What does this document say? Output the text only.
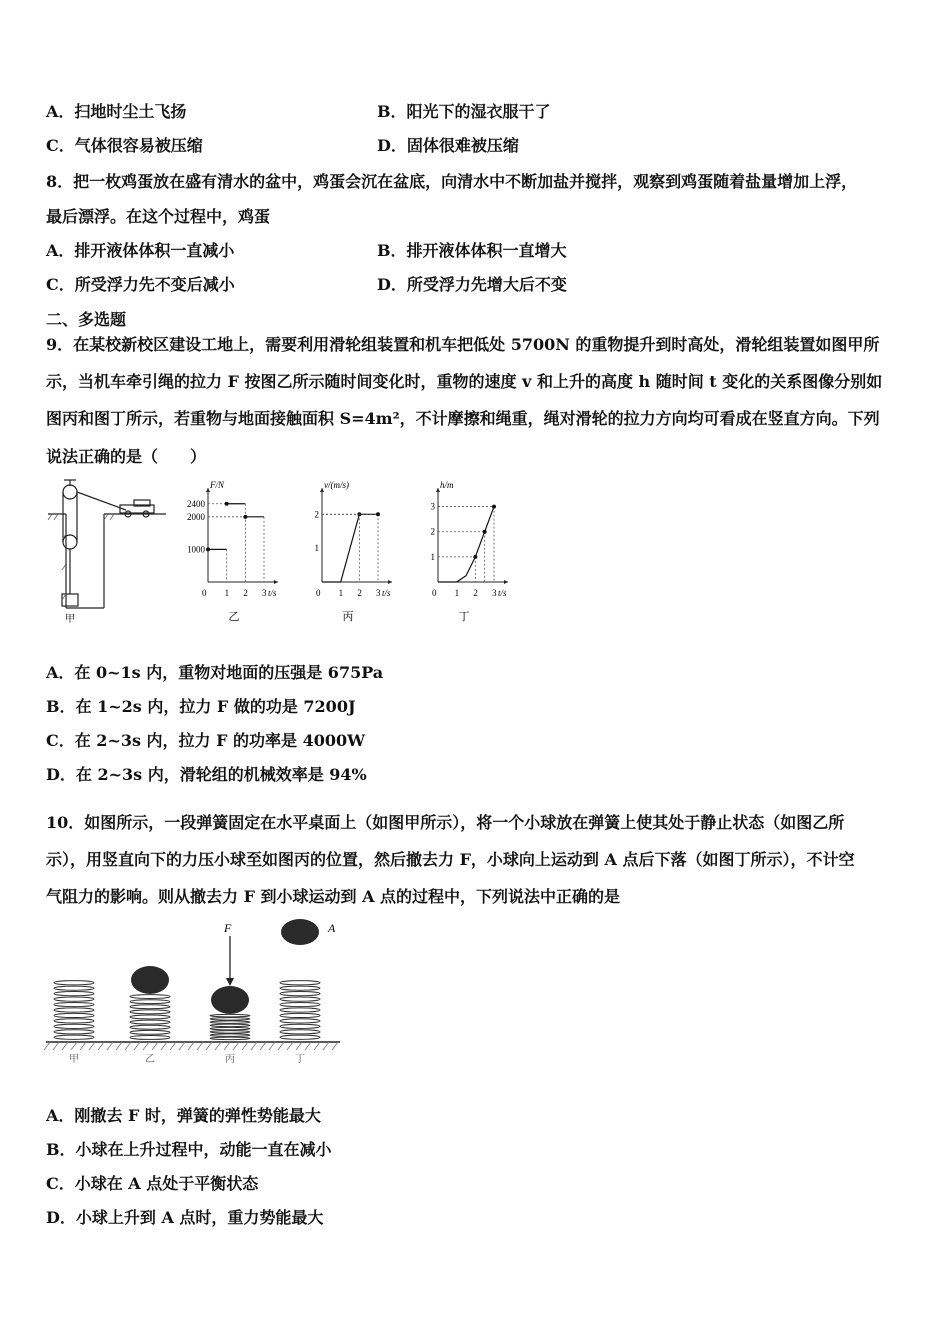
A．扫地时尘土飞扬	B．阳光下的湿衣服干了
C．气体很容易被压缩	D．固体很难被压缩
8．把一枚鸡蛋放在盛有清水的盆中，鸡蛋会沉在盆底，向清水中不断加盐并搅拌，观察到鸡蛋随着盐量增加上浮，
最后漂浮。在这个过程中，鸡蛋
A．排开液体体积一直减小	B．排开液体体积一直增大
C．所受浮力先不变后减小	D．所受浮力先增大后不变
二、多选题
9．在某校新校区建设工地上，需要利用滑轮组装置和机车把低处 5700N 的重物提升到时高处，滑轮组装置如图甲所
示，当机车牵引绳的拉力 F 按图乙所示随时间变化时，重物的速度 v 和上升的高度 h 随时间 t 变化的关系图像分别如
图丙和图丁所示，若重物与地面接触面积 S=4m²，不计摩擦和绳重，绳对滑轮的拉力方向均可看成在竖直方向。下列
说法正确的是（　　）
甲
F/N
t/s
0 1 2 3
1000
2000
2400
乙
v/(m/s)
t/s
0 1 2 3
1
2
丙
h/m
t/s
0 1 2 3
1
2
3
丁
A．在 0~1s 内，重物对地面的压强是 675Pa
B．在 1~2s 内，拉力 F 做的功是 7200J
C．在 2~3s 内，拉力 F 的功率是 4000W
D．在 2~3s 内，滑轮组的机械效率是 94%
10．如图所示，一段弹簧固定在水平桌面上（如图甲所示），将一个小球放在弹簧上使其处于静止状态（如图乙所
示），用竖直向下的力压小球至如图丙的位置，然后撤去力 F，小球向上运动到 A 点后下落（如图丁所示），不计空
气阻力的影响。则从撤去力 F 到小球运动到 A 点的过程中，下列说法中正确的是
F	A
甲	乙	丙	丁
A．刚撤去 F 时，弹簧的弹性势能最大
B．小球在上升过程中，动能一直在减小
C．小球在 A 点处于平衡状态
D．小球上升到 A 点时，重力势能最大
